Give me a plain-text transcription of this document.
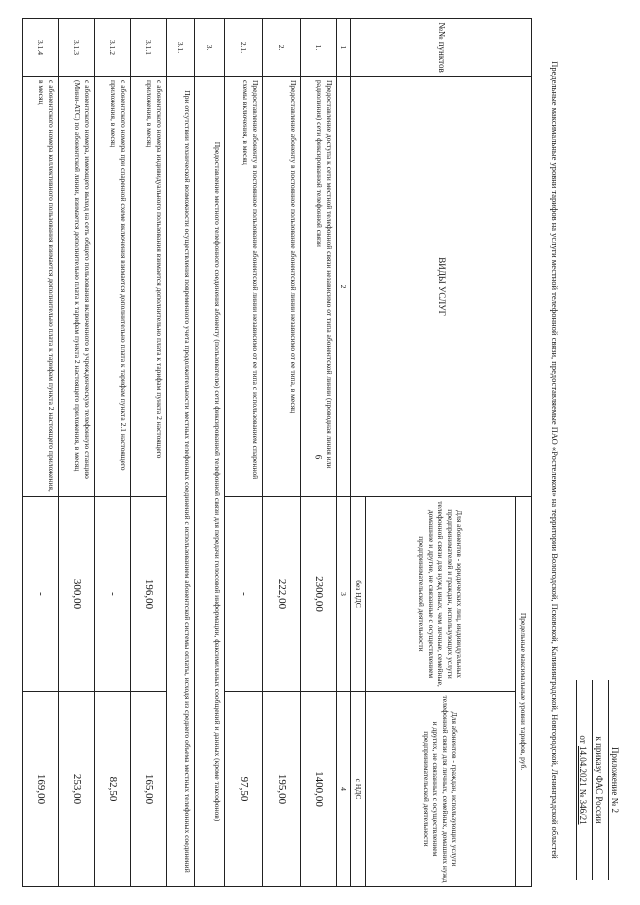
6
Приложение № 2
к приказу ФАС России
от 14.04.2021 № 346/21
Предельные максимальные уровни тарифов на услуги местной телефонной связи, предоставляемые ПАО «Ростелеком» на территории Вологодской, Псковской, Калининградской, Новгородской, Ленинградской областей
№№ пунктов	ВИДЫ УСЛУГ	Предельные максимальные уровни тарифов, руб.	
		Для абонентов - юридических лиц, индивидуальных предпринимателей и граждан, использующих услуги телефонной связи для нужд иных, чем личные, семейные, домашние и другие, не связанные с осуществлением предпринимательской деятельности	Для абонентов - граждан, использующих услуги телефонной связи для личных, семейных, домашних нужд и других, не связанных с осуществлением предпринимательской деятельности
		без НДС	с НДС
1	2	3	4
1.	Предоставление доступа к сети местной телефонной связи независимо от типа абонентской линии (проводная линия или радиолиния) сети фиксированной телефонной связи	2300,00	1400,00
2.	Предоставление абоненту в постоянное пользование абонентской линии независимо от ее типа, в месяц	222,00	195,00
2.1.	Предоставление абоненту в постоянное пользование абонентской линии независимо от ее типа с использованием спаренной схемы включения, в месяц	-	97,50
3.	Предоставление местного телефонного соединения абоненту (пользователю) сети фиксированной телефонной связи для передачи голосовой информации, факсимильных сообщений и данных (кроме таксофонов)		
3.1.	При отсутствии технической возможности осуществления повременного учета продолжительности местных телефонных соединений с использованием абонентской системы оплаты, исходя из среднего объема местных телефонных соединений		
3.1.1	с абонентского номера индивидуального пользования взимается дополнительно плата к тарифам пункта 2 настоящего приложения, в месяц	196,00	165,00
3.1.2	с абонентского номера при спаренной схеме включения взимается дополнительно плата к тарифам пункта 2.1 настоящего приложения, в месяц	-	82,50
3.1.3	с абонентского номера, имеющего выход на сеть общего пользования включенного в учрежденческую телефонную станцию (Мини-АТС) по абонентской линии, взимается дополнительно плата к тарифам пункта 2 настоящего приложения, в месяц	300,00	253,00
3.1.4	с абонентского номера коллективного пользования взимается дополнительно плата к тарифам пункта 2 настоящего приложения, в месяц	-	169,00
